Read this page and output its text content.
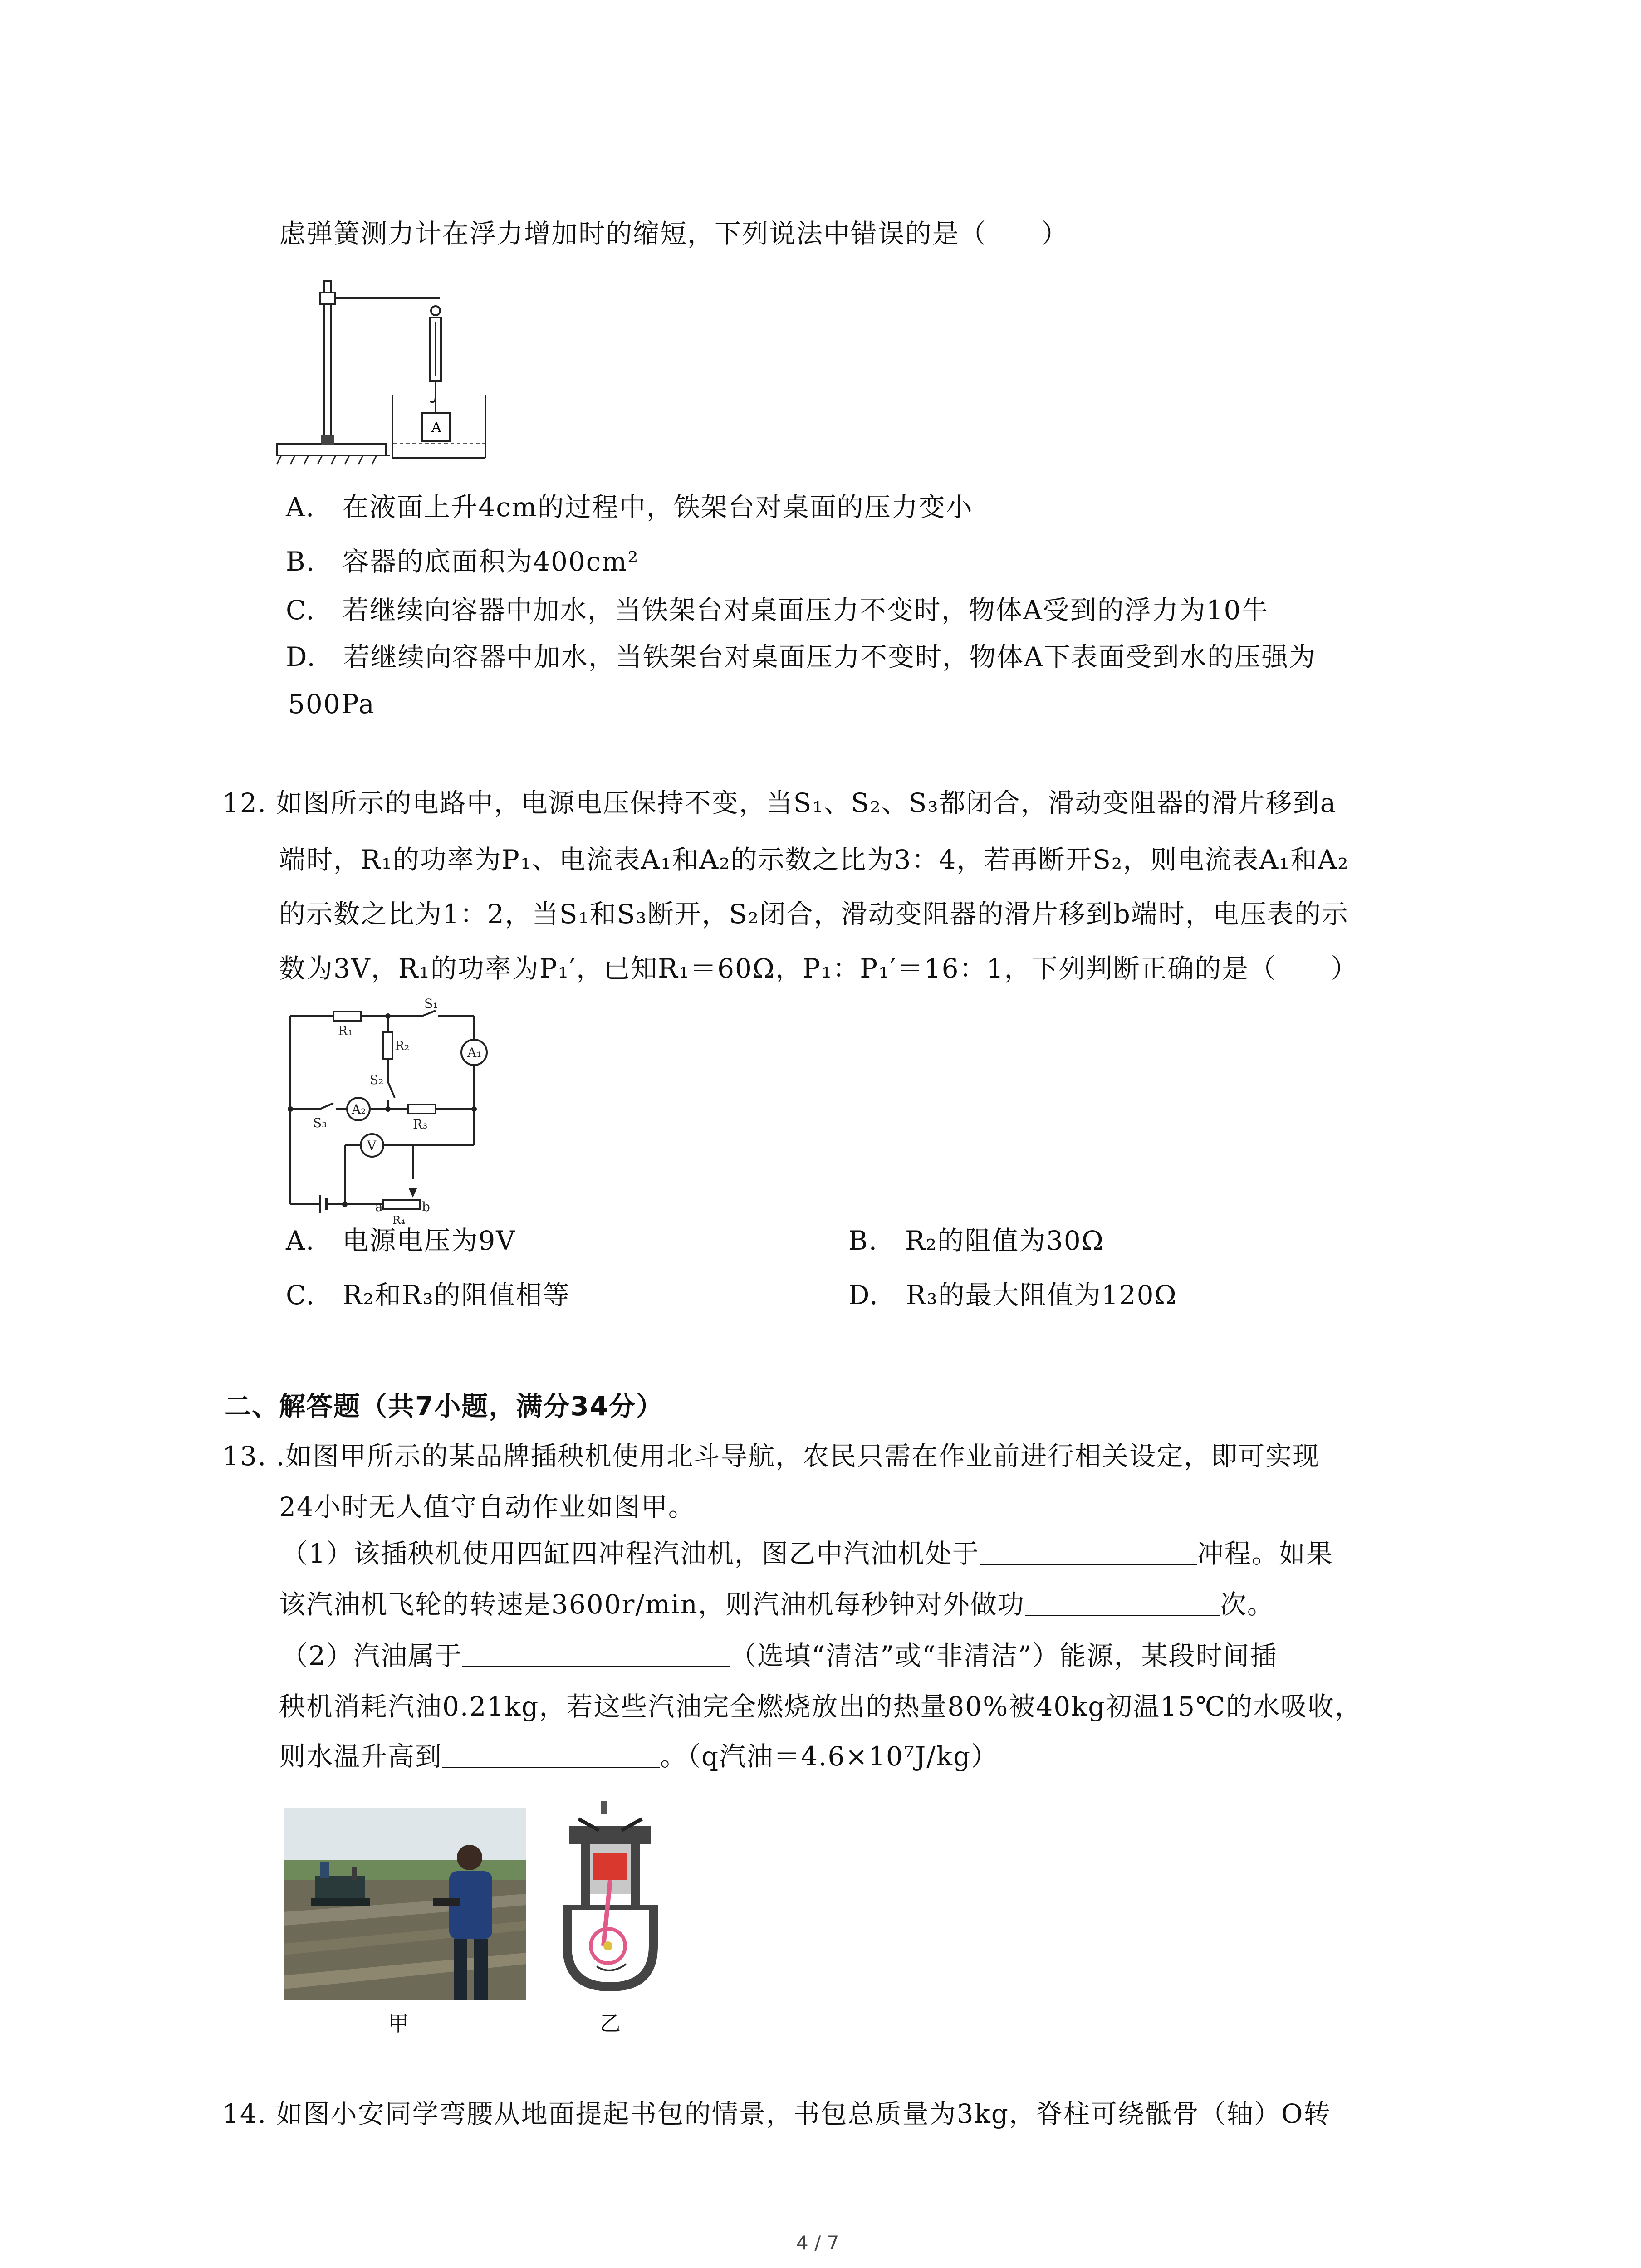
虑弹簧测力计在浮力增加时的缩短，下列说法中错误的是（　　）
A
A.　在液面上升4cm的过程中，铁架台对桌面的压力变小
B.　容器的底面积为400cm²
C.　若继续向容器中加水，当铁架台对桌面压力不变时，物体A受到的浮力为10牛
D.　若继续向容器中加水，当铁架台对桌面压力不变时，物体A下表面受到水的压强为
500Pa
12. 如图所示的电路中，电源电压保持不变，当S₁、S₂、S₃都闭合，滑动变阻器的滑片移到a
端时，R₁的功率为P₁、电流表A₁和A₂的示数之比为3：4，若再断开S₂，则电流表A₁和A₂
的示数之比为1：2，当S₁和S₃断开，S₂闭合，滑动变阻器的滑片移到b端时，电压表的示
数为3V，R₁的功率为P₁′，已知R₁＝60Ω，P₁：P₁′＝16：1，下列判断正确的是（　　）
R₁
R₂
R₃
R₄
S₁
S₂
S₃
A₁
A₂
V
a	b
A.　电源电压为9V	B.　R₂的阻值为30Ω
C.　R₂和R₃的阻值相等	D.　R₃的最大阻值为120Ω
二、解答题（共7小题，满分34分）
13. .如图甲所示的某品牌插秧机使用北斗导航，农民只需在作业前进行相关设定，即可实现
24小时无人值守自动作业如图甲。
（1）该插秧机使用四缸四冲程汽油机，图乙中汽油机处于	冲程。如果
该汽油机飞轮的转速是3600r/min，则汽油机每秒钟对外做功	次。
（2）汽油属于	（选填“清洁”或“非清洁”）能源，某段时间插
秧机消耗汽油0.21kg，若这些汽油完全燃烧放出的热量80%被40kg初温15℃的水吸收，
则水温升高到	。（q汽油＝4.6×10⁷J/kg）
甲	乙
14. 如图小安同学弯腰从地面提起书包的情景，书包总质量为3kg，脊柱可绕骶骨（轴）O转
4 / 7
